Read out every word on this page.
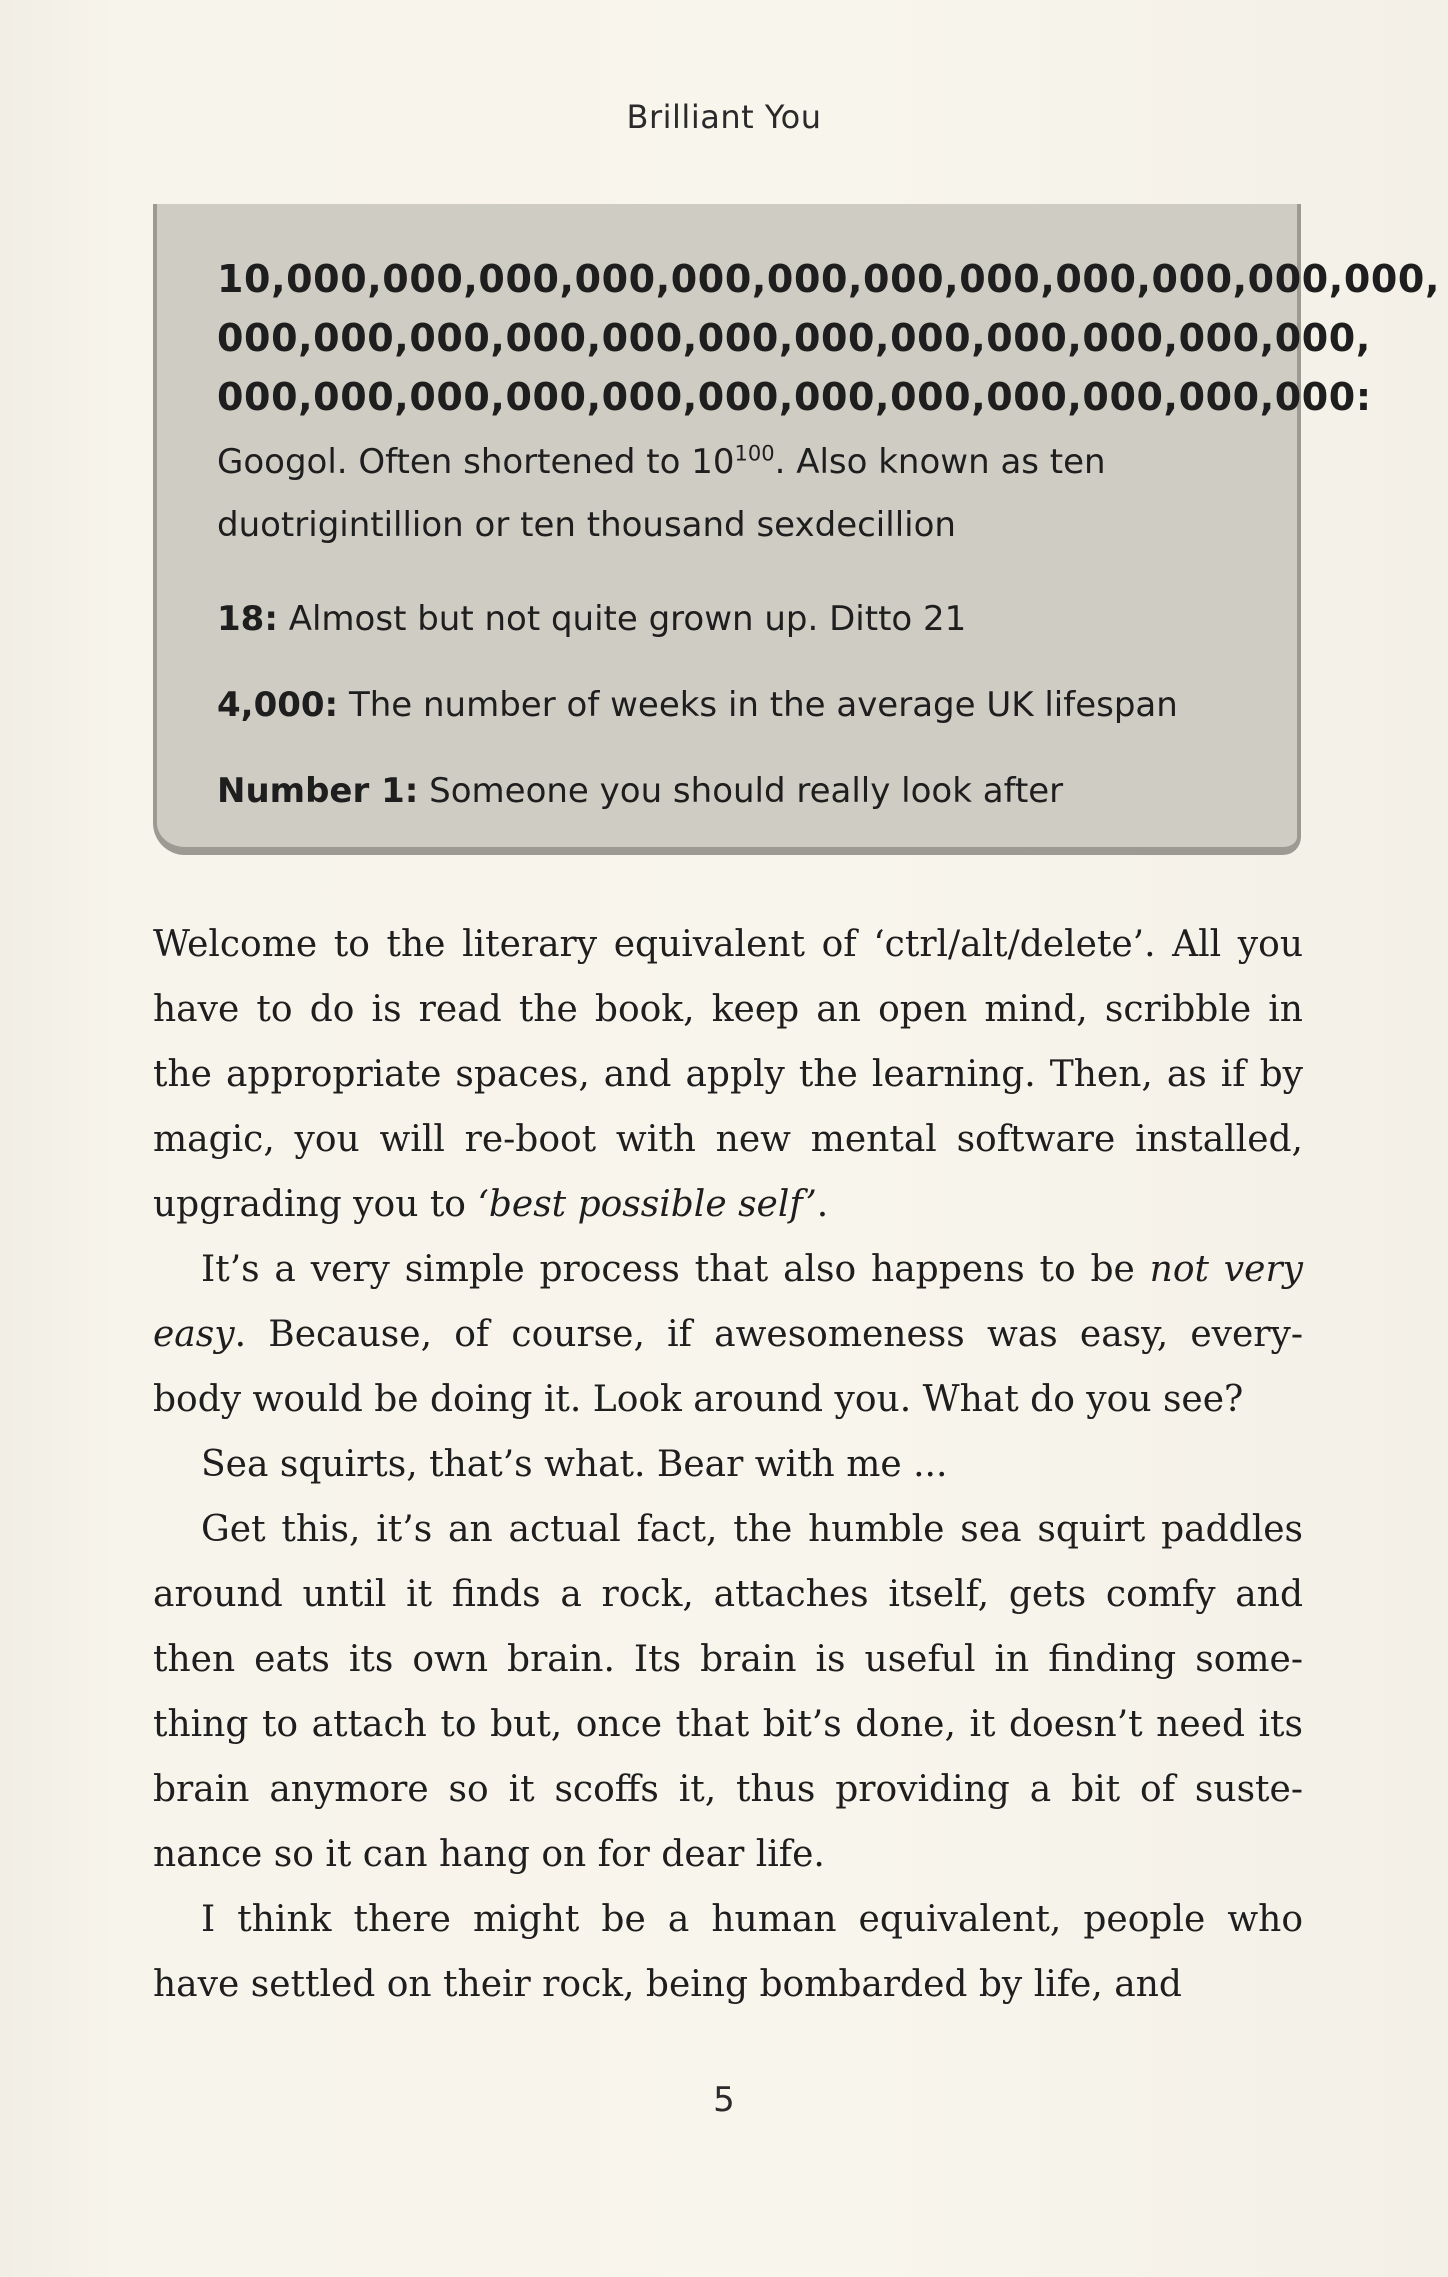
Brilliant You
10,000,000,000,000,000,000,000,000,000,000,000,000,
000,000,000,000,000,000,000,000,000,000,000,000,
000,000,000,000,000,000,000,000,000,000,000,000:
Googol. Often shortened to $10^{100}$. Also known as ten duotrigintillion or ten thousand sexdecillion
18: Almost but not quite grown up. Ditto 21
4,000: The number of weeks in the average UK lifespan
Number 1: Someone you should really look after

Welcome to the literary equivalent of ‘ctrl/alt/delete’. All you have to do is read the book, keep an open mind, scribble in the appropriate spaces, and apply the learning. Then, as if by magic, you will re-boot with new mental software installed, upgrading you to ‘best possible self’.

It’s a very simple process that also happens to be not very easy. Because, of course, if awesomeness was easy, every-body would be doing it. Look around you. What do you see?

Sea squirts, that’s what. Bear with me ...

Get this, it’s an actual fact, the humble sea squirt paddles around until it finds a rock, attaches itself, gets comfy and then eats its own brain. Its brain is useful in finding some-thing to attach to but, once that bit’s done, it doesn’t need its brain anymore so it scoffs it, thus providing a bit of suste-nance so it can hang on for dear life.

I think there might be a human equivalent, people who have settled on their rock, being bombarded by life, and

5
